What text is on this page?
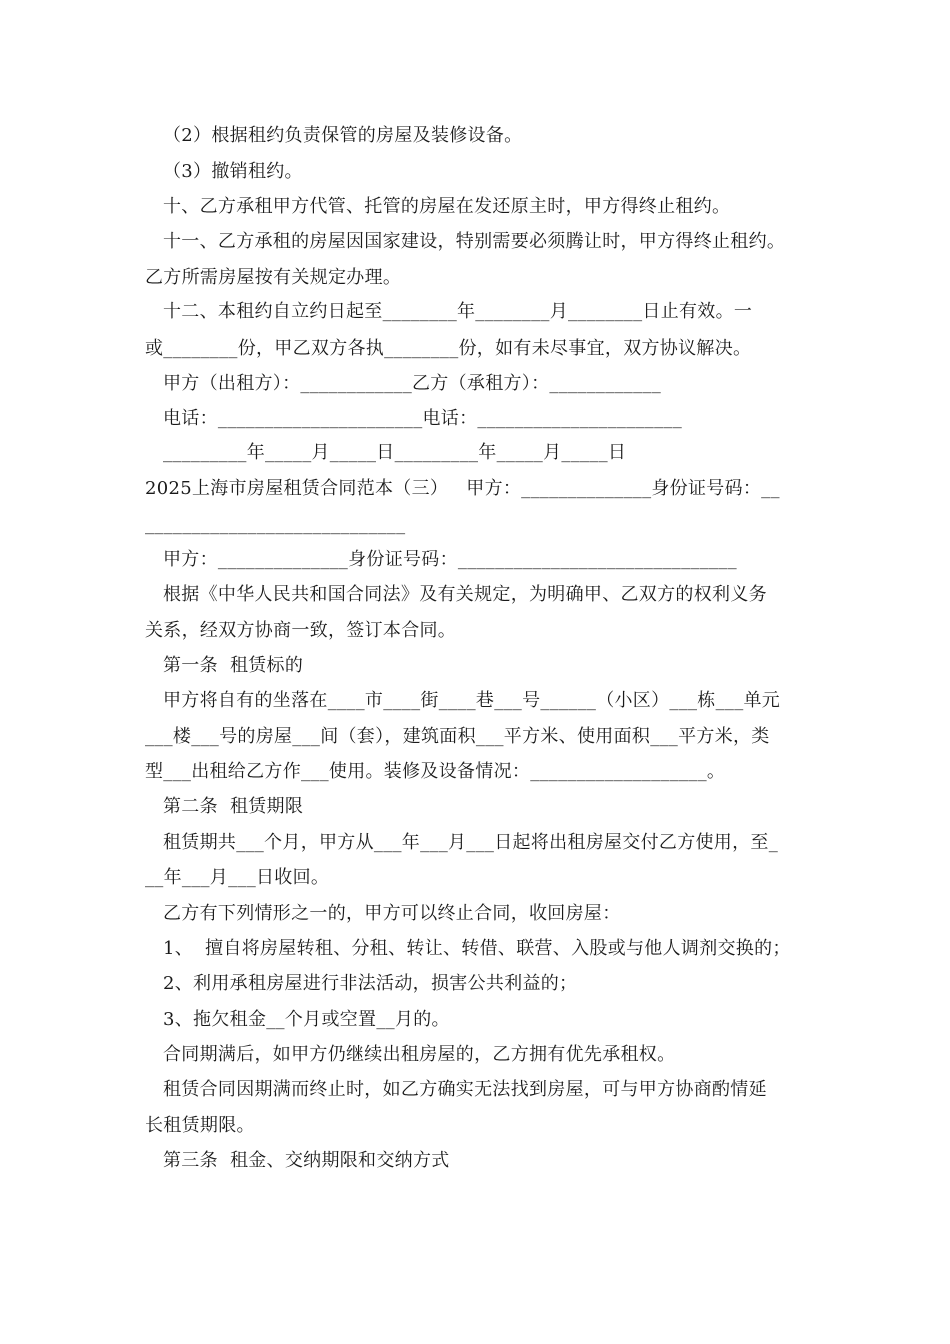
（2）根据租约负责保管的房屋及装修设备。
（3）撤销租约。
十、乙方承租甲方代管、托管的房屋在发还原主时，甲方得终止租约。
十一、乙方承租的房屋因国家建设，特别需要必须腾让时，甲方得终止租约。
乙方所需房屋按有关规定办理。
十二、本租约自立约日起至________年________月________日止有效。一
或________份，甲乙双方各执________份，如有未尽事宜，双方协议解决。
甲方（出租方）：____________乙方（承租方）：____________
电话：______________________电话：______________________
_________年_____月_____日_________年_____月_____日
2025上海市房屋租赁合同范本（三）   甲方：______________身份证号码：__
____________________________
甲方：______________身份证号码：______________________________
根据《中华人民共和国合同法》及有关规定，为明确甲、乙双方的权利义务
关系，经双方协商一致，签订本合同。
第一条  租赁标的
甲方将自有的坐落在____市____街____巷___号______（小区）___栋___单元
___楼___号的房屋___间（套），建筑面积___平方米、使用面积___平方米，类
型___出租给乙方作___使用。装修及设备情况：___________________。
第二条  租赁期限
租赁期共___个月，甲方从___年___月___日起将出租房屋交付乙方使用，至_
__年___月___日收回。
乙方有下列情形之一的，甲方可以终止合同，收回房屋：
1、  擅自将房屋转租、分租、转让、转借、联营、入股或与他人调剂交换的；
2、利用承租房屋进行非法活动，损害公共利益的；
3、拖欠租金__个月或空置__月的。
合同期满后，如甲方仍继续出租房屋的，乙方拥有优先承租权。
租赁合同因期满而终止时，如乙方确实无法找到房屋，可与甲方协商酌情延
长租赁期限。
第三条  租金、交纳期限和交纳方式
